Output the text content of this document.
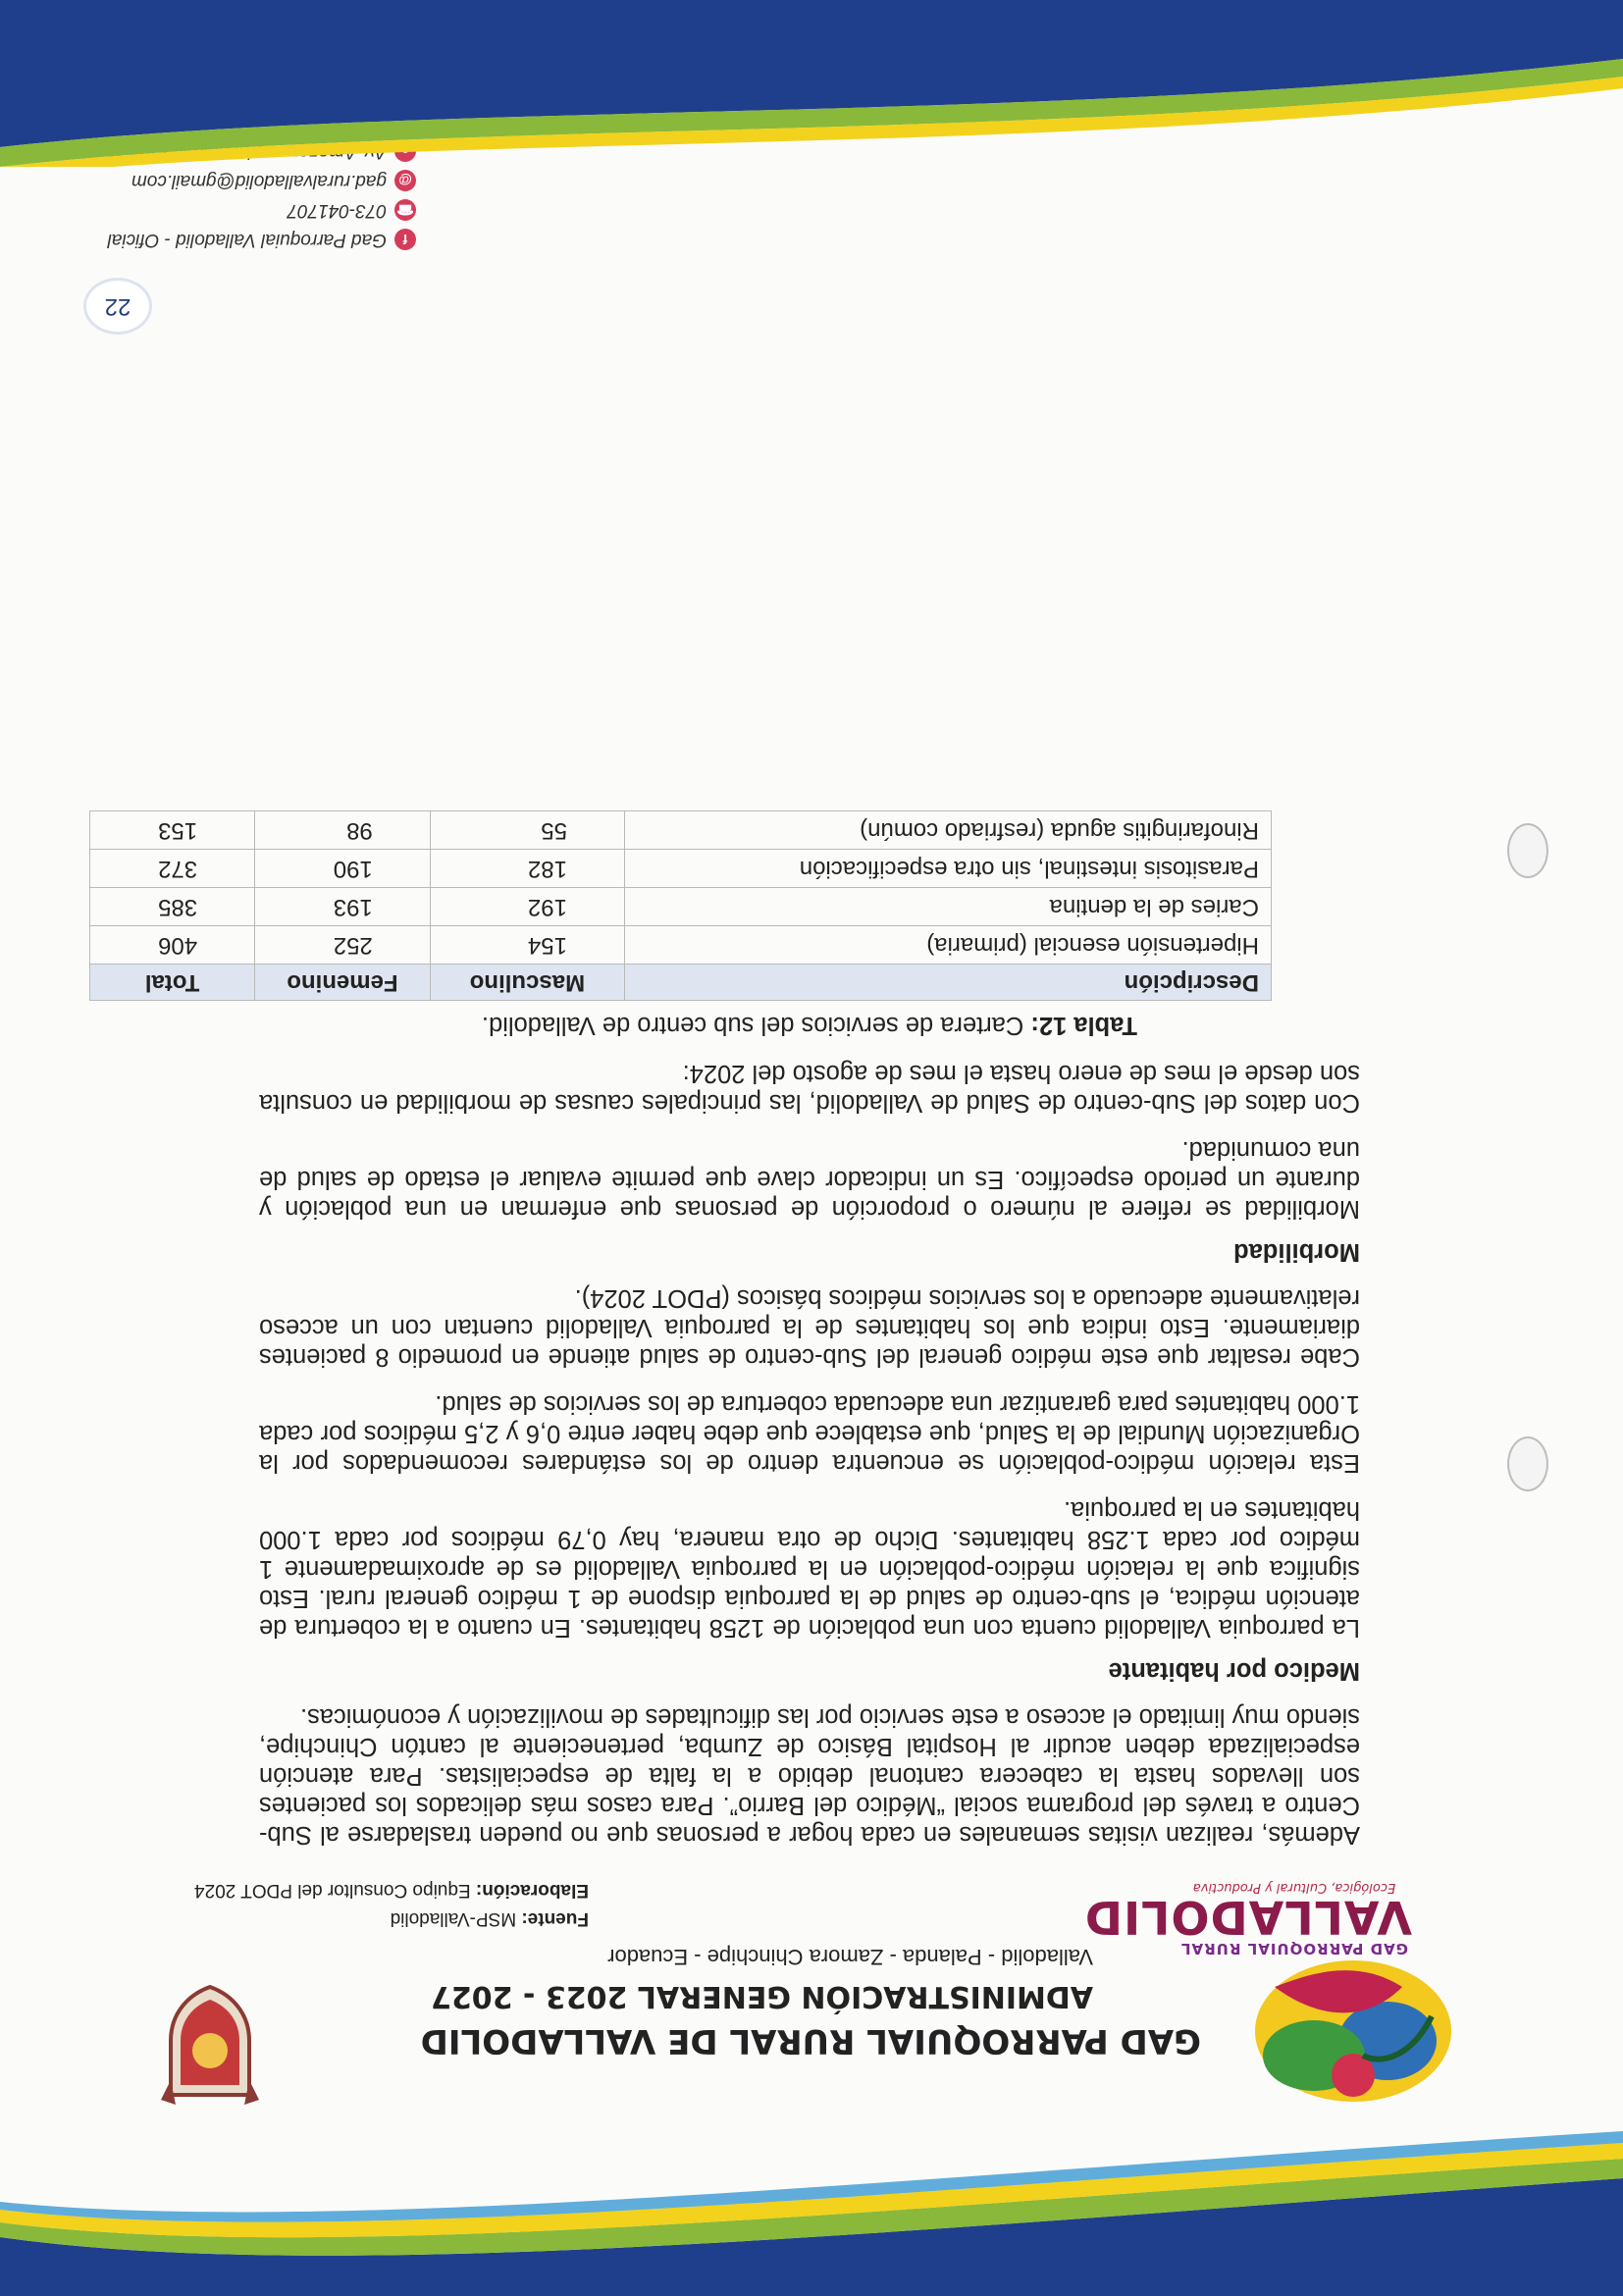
GAD PARROQUIAL RURAL
VALLADOLID
Ecológica, Cultural y Productiva
GAD PARROQUIAL RURAL DE VALLADOLID
ADMINISTRACIÓN GENERAL 2023 - 2027
Valladolid - Palanda - Zamora Chinchipe - Ecuador
Fuente: MSP-Valladolid
Elaboración: Equipo Consultor del PDOT 2024

Además, realizan visitas semanales en cada hogar a personas que no pueden trasladarse al Sub-Centro a través del programa social “Médico del Barrio”. Para casos más delicados los pacientes son llevados hasta la cabecera cantonal debido a la falta de especialistas. Para atención especializada deben acudir al Hospital Básico de Zumba, perteneciente al cantón Chinchipe, siendo muy limitado el acceso a este servicio por las dificultades de movilización y económicas.

Medico por habitante

La parroquia Valladolid cuenta con una población de 1258 habitantes. En cuanto a la cobertura de atención médica, el sub-centro de salud de la parroquia dispone de 1 médico general rural. Esto significa que la relación médico-población en la parroquia Valladolid es de aproximadamente 1 médico por cada 1.258 habitantes. Dicho de otra manera, hay 0,79 médicos por cada 1.000 habitantes en la parroquia.

Esta relación médico-población se encuentra dentro de los estándares recomendados por la Organización Mundial de la Salud, que establece que debe haber entre 0,6 y 2,5 médicos por cada 1.000 habitantes para garantizar una adecuada cobertura de los servicios de salud.

Cabe resaltar que este médico general del Sub-centro de salud atiende en promedio 8 pacientes diariamente. Esto indica que los habitantes de la parroquia Valladolid cuentan con un acceso relativamente adecuado a los servicios médicos básicos (PDOT 2024).

Morbilidad

Morbilidad se refiere al número o proporción de personas que enferman en una población y durante un periodo específico. Es un indicador clave que permite evaluar el estado de salud de una comunidad.

Con datos del Sub-centro de Salud de Valladolid, las principales causas de morbilidad en consulta son desde el mes de enero hasta el mes de agosto del 2024:

Tabla 12: Cartera de servicios del sub centro de Valladolid.
Descripción	Masculino	Femenino	Total
Hipertensión esencial (primaria)	154	252	406
Caries de la dentina	192	193	385
Parasitosis intestinal, sin otra especificación	182	190	372
Rinofaringitis aguda (resfriado común)	55	98	153
22
f
Gad Parroquial Valladolid - Oficial
☎
073-041707
@
gad.ruralvalladolid@gmail.com
